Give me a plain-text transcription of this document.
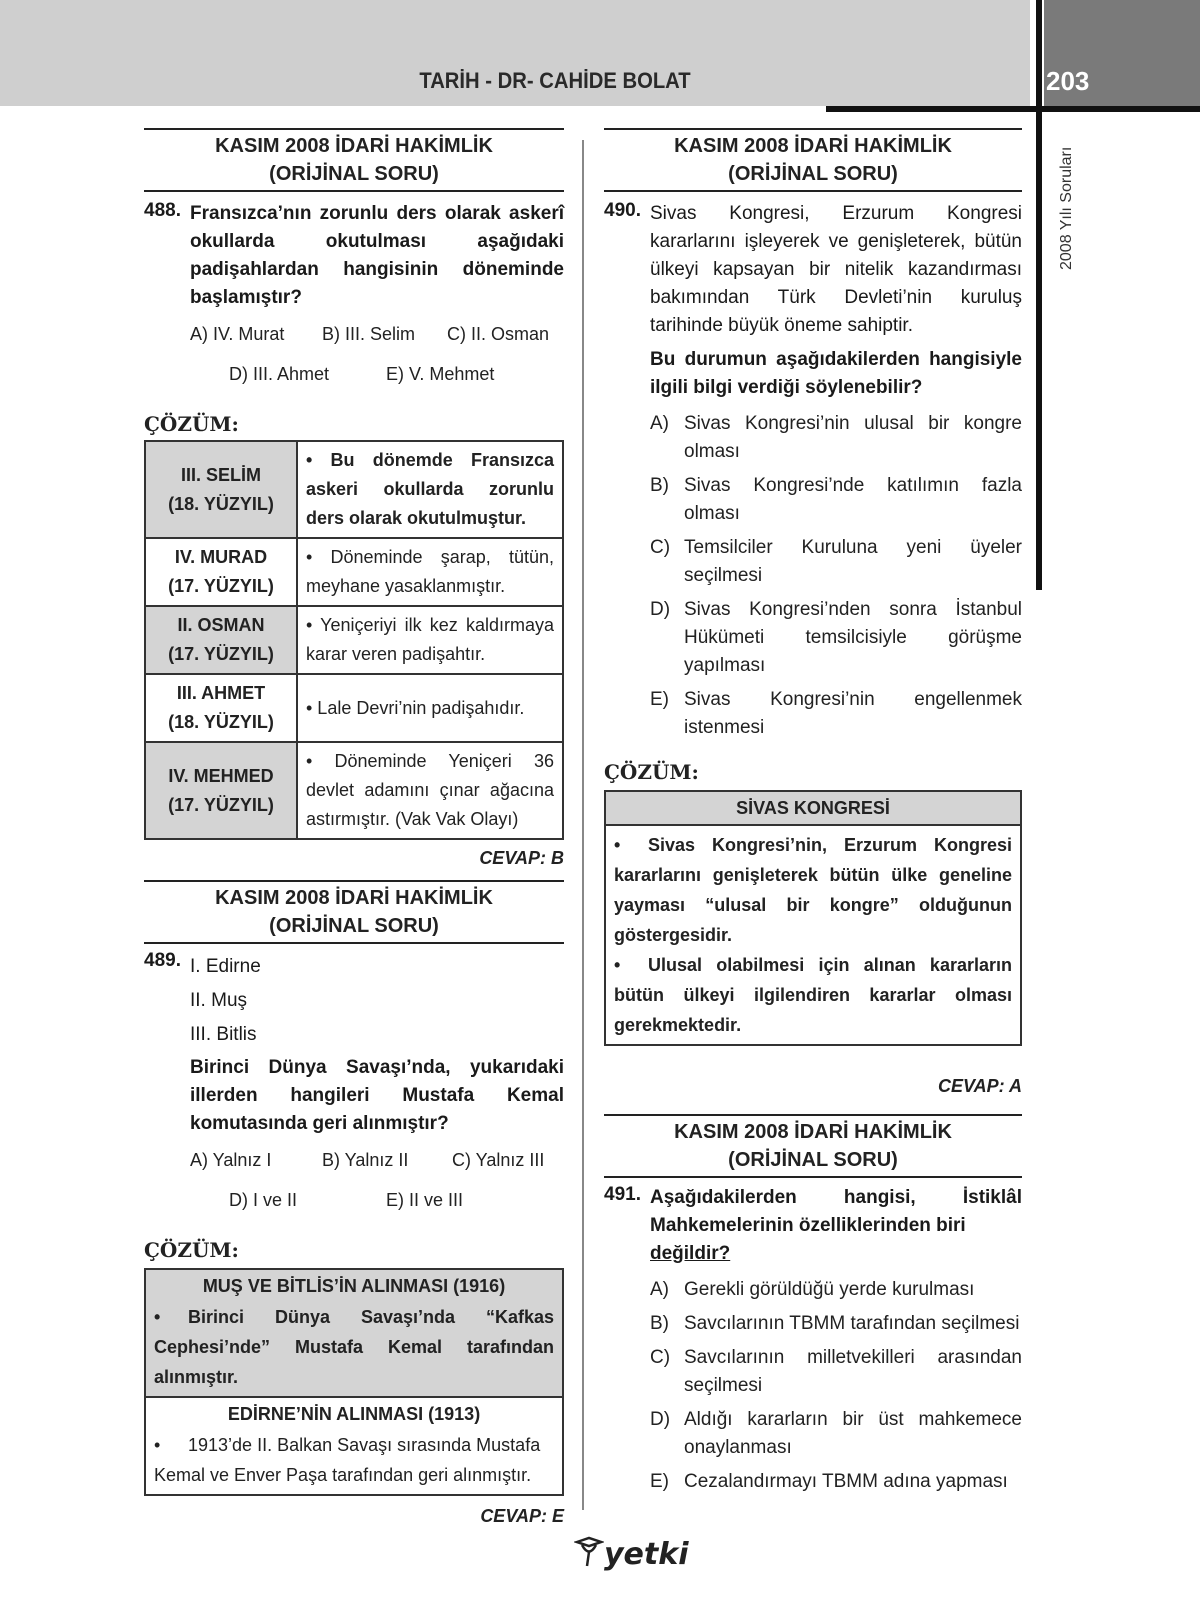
TARİH - DR- CAHİDE BOLAT	203
2008 Yılı Soruları
KASIM 2008 İDARİ HAKİMLİK
(ORİJİNAL SORU)
488. Fransızca’nın zorunlu ders olarak askerî okullarda okutulması aşağıdaki padişahlardan hangisinin döneminde başlamıştır?
A) IV. Murat B) III. Selim C) II. Osman
D) III. Ahmet	E) V. Mehmet
ÇÖZÜM:
III. SELİM
(18. YÜZYIL)	• Bu dönemde Fransızca askeri okullarda zorunlu ders olarak okutulmuştur.

IV. MURAD
(17. YÜZYIL)	• Döneminde şarap, tütün, meyhane yasaklanmıştır.

II. OSMAN
(17. YÜZYIL)	• Yeniçeriyi ilk kez kaldırmaya karar veren padişahtır.

III. AHMET
(18. YÜZYIL)	• Lale Devri’nin padişahıdır.

IV. MEHMED
(17. YÜZYIL)	• Döneminde Yeniçeri 36 devlet adamını çınar ağacına astırmıştır. (Vak Vak Olayı)
CEVAP: B
KASIM 2008 İDARİ HAKİMLİK
(ORİJİNAL SORU)
489. I. Edirne
II. Muş
III. Bitlis
Birinci Dünya Savaşı’nda, yukarıdaki illerden hangileri Mustafa Kemal komutasında geri alınmıştır?
A) Yalnız I	B) Yalnız II C) Yalnız III
D) I ve II	E) II ve III
ÇÖZÜM:
MUŞ VE BİTLİS’İN ALINMASI (1916)
• Birinci Dünya Savaşı’nda “Kafkas Cephesi’nde” Mustafa Kemal tarafından alınmıştır.
EDİRNE’NİN ALINMASI (1913)
• 1913’de II. Balkan Savaşı sırasında Mustafa Kemal ve Enver Paşa tarafından geri alınmıştır.
CEVAP: E
KASIM 2008 İDARİ HAKİMLİK
(ORİJİNAL SORU)
490. Sivas Kongresi, Erzurum Kongresi kararlarını işleyerek ve genişleterek, bütün ülkeyi kapsayan bir nitelik kazandırması bakımından Türk Devleti’nin kuruluş tarihinde büyük öneme sahiptir.
Bu durumun aşağıdakilerden hangisiyle ilgili bilgi verdiği söylenebilir?
A) Sivas Kongresi’nin ulusal bir kongre olması
B) Sivas Kongresi’nde katılımın fazla olması
C) Temsilciler Kuruluna yeni üyeler seçilmesi
D) Sivas Kongresi’nden sonra İstanbul Hükümeti temsilcisiyle görüşme yapılması
E) Sivas Kongresi’nin engellenmek istenmesi
ÇÖZÜM:
SİVAS KONGRESİ
• Sivas Kongresi’nin, Erzurum Kongresi kararlarını genişleterek bütün ülke geneline yayması “ulusal bir kongre” olduğunun göstergesidir.
• Ulusal olabilmesi için alınan kararların bütün ülkeyi ilgilendiren kararlar olması gerekmektedir.
CEVAP: A
KASIM 2008 İDARİ HAKİMLİK
(ORİJİNAL SORU)
491. Aşağıdakilerden hangisi, İstiklâl Mahkemelerinin özelliklerinden biri
değildir?
A) Gerekli görüldüğü yerde kurulması
B) Savcılarının TBMM tarafından seçilmesi
C) Savcılarının milletvekilleri arasından seçilmesi
D) Aldığı kararların bir üst mahkemece onaylanması
E) Cezalandırmayı TBMM adına yapması
yetki
